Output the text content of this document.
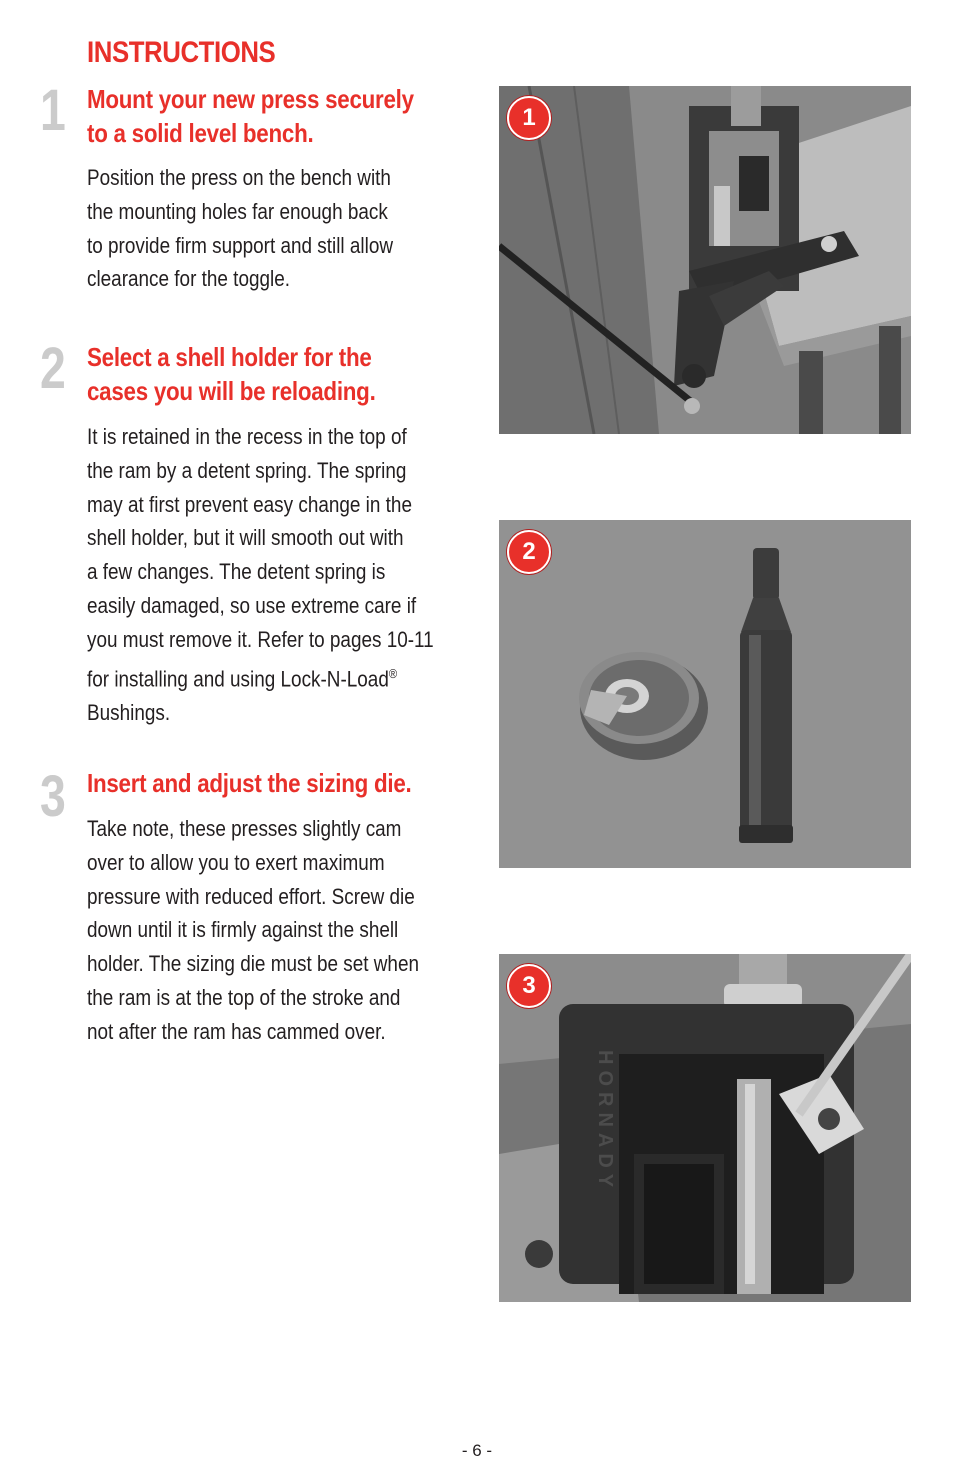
INSTRUCTIONS
1 Mount your new press securely
to a solid level bench.

Position the press on the bench with
the mounting holes far enough back
to provide firm support and still allow
clearance for the toggle.

2 Select a shell holder for the
cases you will be reloading.

It is retained in the recess in the top of
the ram by a detent spring. The spring
may at first prevent easy change in the
shell holder, but it will smooth out with
a few changes. The detent spring is
easily damaged, so use extreme care if
you must remove it. Refer to pages 10-11
for installing and using Lock-N-Load®
Bushings.

3 Insert and adjust the sizing die.

Take note, these presses slightly cam
over to allow you to exert maximum
pressure with reduced effort. Screw die
down until it is firmly against the shell
holder. The sizing die must be set when
the ram is at the top of the stroke and
not after the ram has cammed over.

1
2
HORNADY
3
- 6 -
